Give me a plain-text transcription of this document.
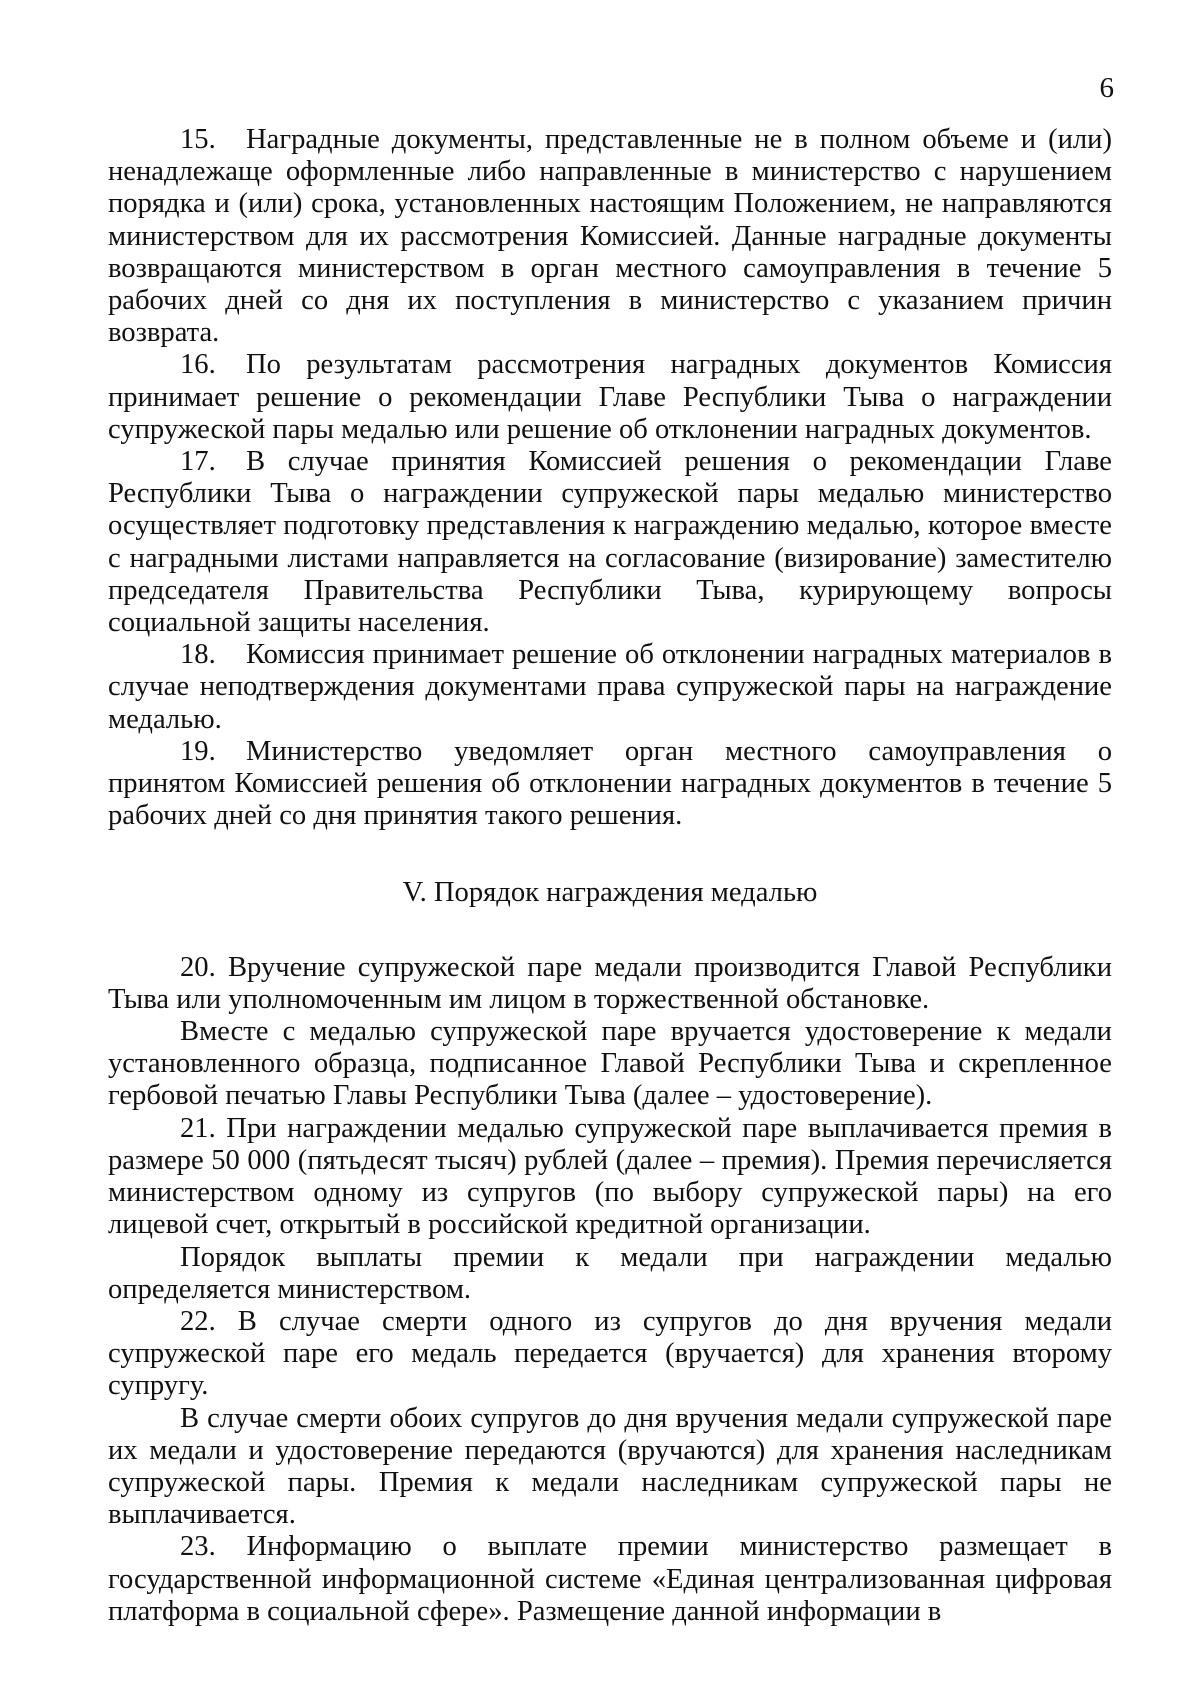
6

15. Наградные документы, представленные не в полном объеме и (или) ненадлежаще оформленные либо направленные в министерство с нарушением порядка и (или) срока, установленных настоящим Положением, не направляются министерством для их рассмотрения Комиссией. Данные наградные документы возвращаются министерством в орган местного самоуправления в течение 5 рабочих дней со дня их поступления в министерство с указанием причин возврата.

16. По результатам рассмотрения наградных документов Комиссия принимает решение о рекомендации Главе Республики Тыва о награждении супружеской пары медалью или решение об отклонении наградных документов.

17. В случае принятия Комиссией решения о рекомендации Главе Республики Тыва о награждении супружеской пары медалью министерство осуществляет подготовку представления к награждению медалью, которое вместе с наградными листами направляется на согласование (визирование) заместителю председателя Правительства Республики Тыва, курирующему вопросы социальной защиты населения.

18. Комиссия принимает решение об отклонении наградных материалов в случае неподтверждения документами права супружеской пары на награждение медалью.

19. Министерство уведомляет орган местного самоуправления о принятом Комиссией решения об отклонении наградных документов в течение 5 рабочих дней со дня принятия такого решения.

V. Порядок награждения медалью

20. Вручение супружеской паре медали производится Главой Республики Тыва или уполномоченным им лицом в торжественной обстановке.

Вместе с медалью супружеской паре вручается удостоверение к медали установленного образца, подписанное Главой Республики Тыва и скрепленное гербовой печатью Главы Республики Тыва (далее – удостоверение).

21. При награждении медалью супружеской паре выплачивается премия в размере 50 000 (пятьдесят тысяч) рублей (далее – премия). Премия перечисляется министерством одному из супругов (по выбору супружеской пары) на его лицевой счет, открытый в российской кредитной организации.

Порядок выплаты премии к медали при награждении медалью определяется министерством.

22. В случае смерти одного из супругов до дня вручения медали супружеской паре его медаль передается (вручается) для хранения второму супругу.

В случае смерти обоих супругов до дня вручения медали супружеской паре их медали и удостоверение передаются (вручаются) для хранения наследникам супружеской пары. Премия к медали наследникам супружеской пары не выплачивается.

23. Информацию о выплате премии министерство размещает в государственной информационной системе «Единая централизованная цифровая платформа в социальной сфере». Размещение данной информации в
